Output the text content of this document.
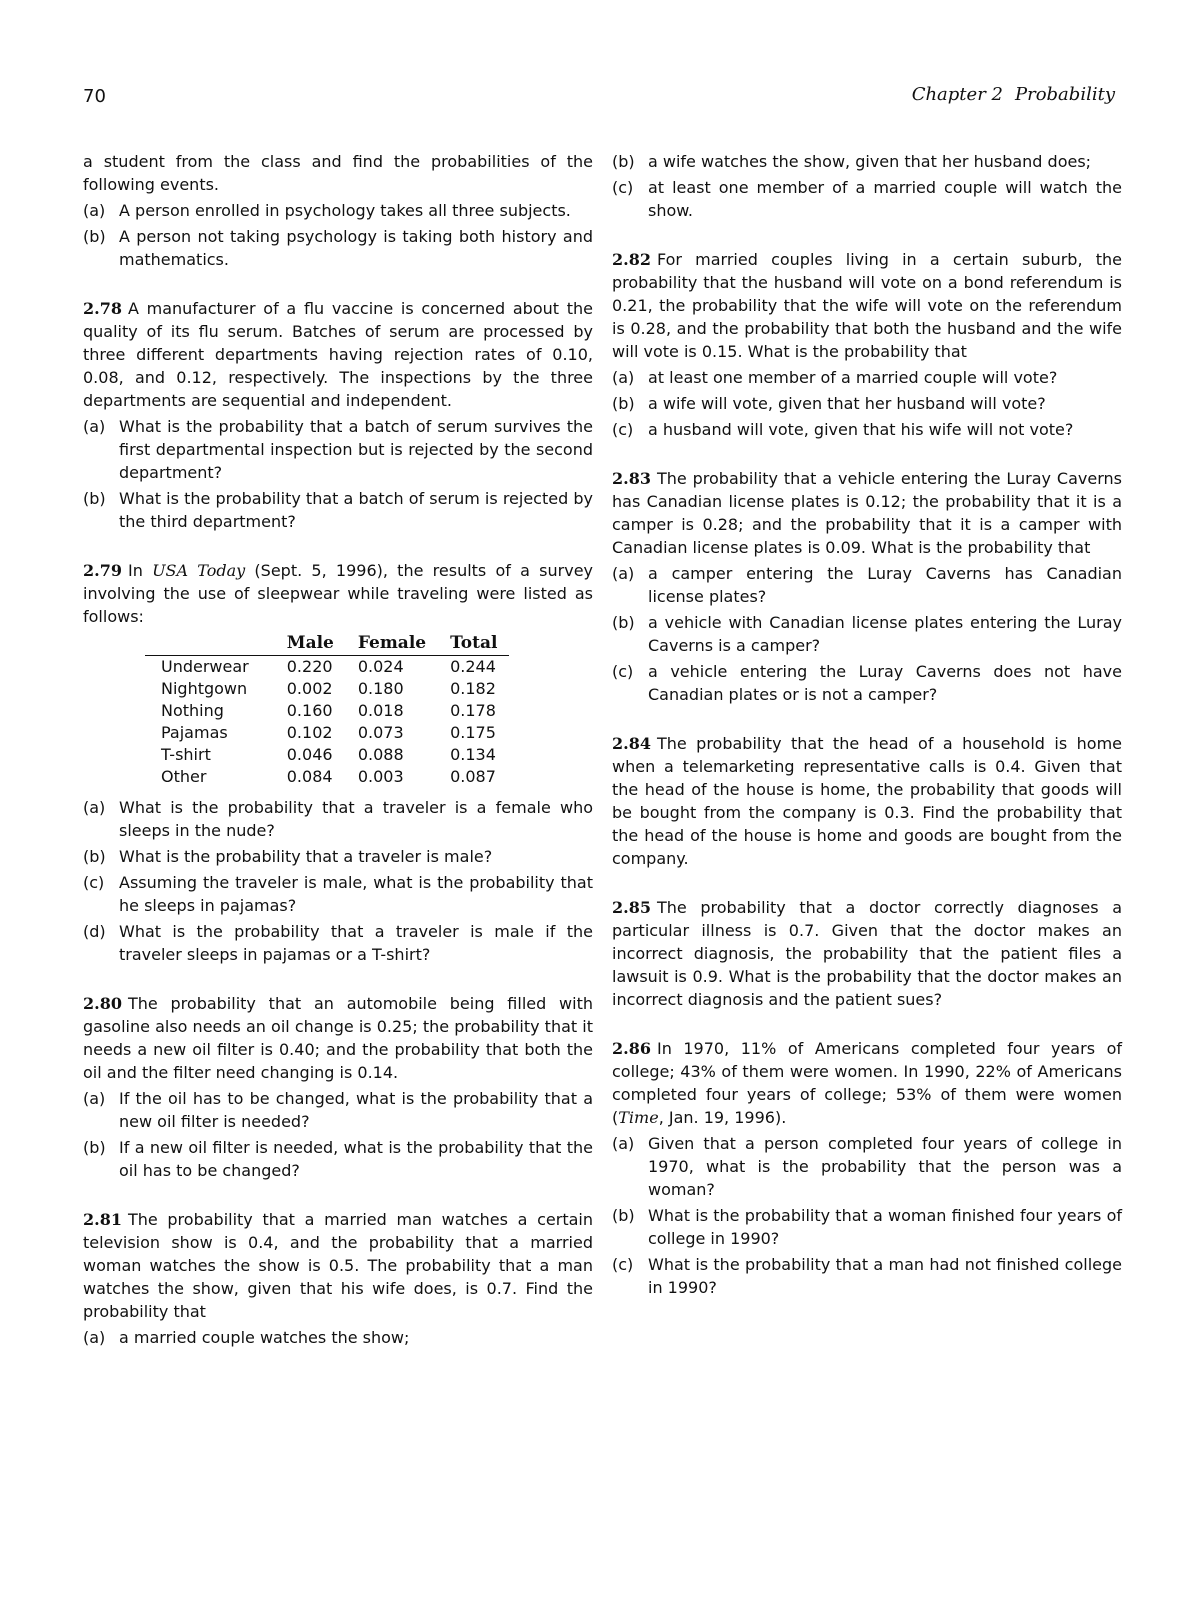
70	Chapter 2 Probability

a student from the class and find the probabilities of the following events.

(a) A person enrolled in psychology takes all three subjects.
(b) A person not taking psychology is taking both history and mathematics.

2.78 A manufacturer of a flu vaccine is concerned about the quality of its flu serum. Batches of serum are processed by three different departments having rejection rates of 0.10, 0.08, and 0.12, respectively. The inspections by the three departments are sequential and independent.

(a) What is the probability that a batch of serum survives the first departmental inspection but is rejected by the second department?
(b) What is the probability that a batch of serum is rejected by the third department?

2.79 In USA Today (Sept. 5, 1996), the results of a survey involving the use of sleepwear while traveling were listed as follows:

	Male	Female	Total
Underwear	0.220	0.024	0.244
Nightgown	0.002	0.180	0.182
Nothing	0.160	0.018	0.178
Pajamas	0.102	0.073	0.175
T-shirt	0.046	0.088	0.134
Other	0.084	0.003	0.087
(a) What is the probability that a traveler is a female who sleeps in the nude?
(b) What is the probability that a traveler is male?
(c) Assuming the traveler is male, what is the probability that he sleeps in pajamas?
(d) What is the probability that a traveler is male if the traveler sleeps in pajamas or a T-shirt?

2.80 The probability that an automobile being filled with gasoline also needs an oil change is 0.25; the probability that it needs a new oil filter is 0.40; and the probability that both the oil and the filter need changing is 0.14.

(a) If the oil has to be changed, what is the probability that a new oil filter is needed?
(b) If a new oil filter is needed, what is the probability that the oil has to be changed?

2.81 The probability that a married man watches a certain television show is 0.4, and the probability that a married woman watches the show is 0.5. The probability that a man watches the show, given that his wife does, is 0.7. Find the probability that

(a) a married couple watches the show;
(b) a wife watches the show, given that her husband does;
(c) at least one member of a married couple will watch the show.

2.82 For married couples living in a certain suburb, the probability that the husband will vote on a bond referendum is 0.21, the probability that the wife will vote on the referendum is 0.28, and the probability that both the husband and the wife will vote is 0.15. What is the probability that

(a) at least one member of a married couple will vote?
(b) a wife will vote, given that her husband will vote?
(c) a husband will vote, given that his wife will not vote?

2.83 The probability that a vehicle entering the Luray Caverns has Canadian license plates is 0.12; the probability that it is a camper is 0.28; and the probability that it is a camper with Canadian license plates is 0.09. What is the probability that

(a) a camper entering the Luray Caverns has Canadian license plates?
(b) a vehicle with Canadian license plates entering the Luray Caverns is a camper?
(c) a vehicle entering the Luray Caverns does not have Canadian plates or is not a camper?

2.84 The probability that the head of a household is home when a telemarketing representative calls is 0.4. Given that the head of the house is home, the probability that goods will be bought from the company is 0.3. Find the probability that the head of the house is home and goods are bought from the company.

2.85 The probability that a doctor correctly diagnoses a particular illness is 0.7. Given that the doctor makes an incorrect diagnosis, the probability that the patient files a lawsuit is 0.9. What is the probability that the doctor makes an incorrect diagnosis and the patient sues?

2.86 In 1970, 11% of Americans completed four years of college; 43% of them were women. In 1990, 22% of Americans completed four years of college; 53% of them were women (Time, Jan. 19, 1996).

(a) Given that a person completed four years of college in 1970, what is the probability that the person was a woman?
(b) What is the probability that a woman finished four years of college in 1990?
(c) What is the probability that a man had not finished college in 1990?
